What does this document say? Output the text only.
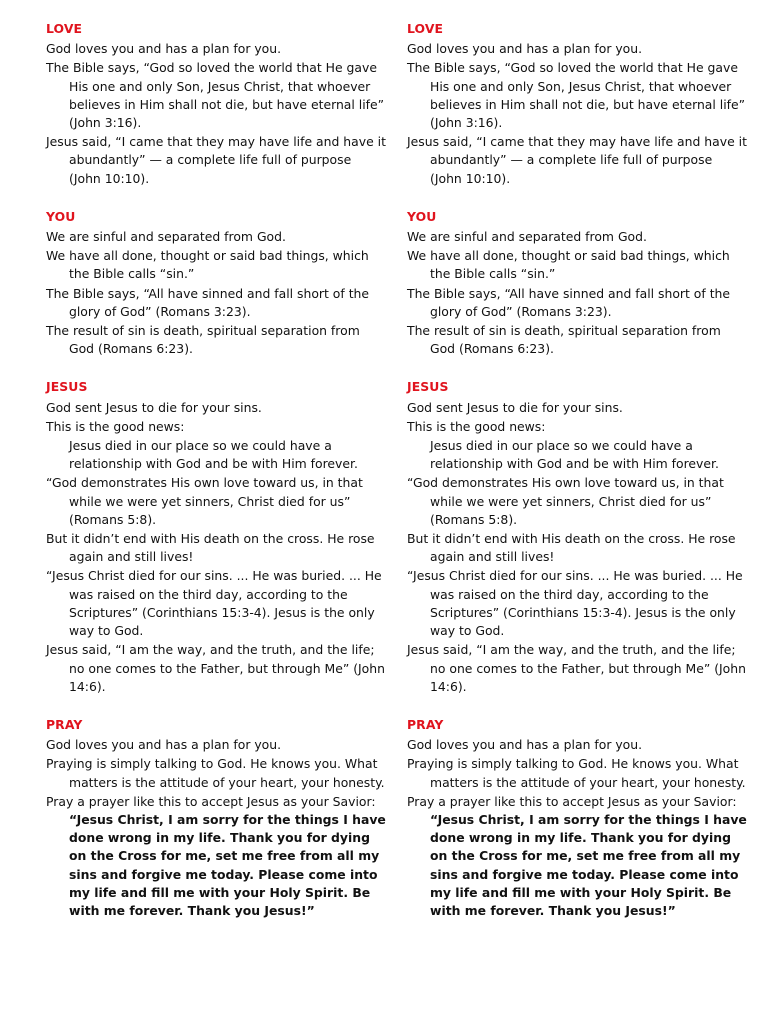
LOVE

God loves you and has a plan for you.

The Bible says, “God so loved the world that He gave His one and only Son, Jesus Christ, that whoever believes in Him shall not die, but have eternal life” (John 3:16).

Jesus said, “I came that they may have life and have it abundantly” — a complete life full of purpose (John 10:10).

YOU

We are sinful and separated from God.

We have all done, thought or said bad things, which the Bible calls “sin.”

The Bible says, “All have sinned and fall short of the glory of God” (Romans 3:23).

The result of sin is death, spiritual separation from God (Romans 6:23).

JESUS

God sent Jesus to die for your sins.

This is the good news:

Jesus died in our place so we could have a relationship with God and be with Him forever.

“God demonstrates His own love toward us, in that while we were yet sinners, Christ died for us” (Romans 5:8).

But it didn’t end with His death on the cross. He rose again and still lives!

“Jesus Christ died for our sins. ... He was buried. ... He was raised on the third day, according to the Scriptures” (Corinthians 15:3-4). Jesus is the only way to God.

Jesus said, “I am the way, and the truth, and the life; no one comes to the Father, but through Me” (John 14:6).

PRAY

God loves you and has a plan for you.

Praying is simply talking to God. He knows you. What matters is the attitude of your heart, your honesty.

Pray a prayer like this to accept Jesus as your Savior: “Jesus Christ, I am sorry for the things I have done wrong in my life. Thank you for dying on the Cross for me, set me free from all my sins and forgive me today. Please come into my life and fill me with your Holy Spirit. Be with me forever. Thank you Jesus!”

LOVE

God loves you and has a plan for you.

The Bible says, “God so loved the world that He gave His one and only Son, Jesus Christ, that whoever believes in Him shall not die, but have eternal life” (John 3:16).

Jesus said, “I came that they may have life and have it abundantly” — a complete life full of purpose (John 10:10).

YOU

We are sinful and separated from God.

We have all done, thought or said bad things, which the Bible calls “sin.”

The Bible says, “All have sinned and fall short of the glory of God” (Romans 3:23).

The result of sin is death, spiritual separation from God (Romans 6:23).

JESUS

God sent Jesus to die for your sins.

This is the good news:

Jesus died in our place so we could have a relationship with God and be with Him forever.

“God demonstrates His own love toward us, in that while we were yet sinners, Christ died for us” (Romans 5:8).

But it didn’t end with His death on the cross. He rose again and still lives!

“Jesus Christ died for our sins. ... He was buried. ... He was raised on the third day, according to the Scriptures” (Corinthians 15:3-4). Jesus is the only way to God.

Jesus said, “I am the way, and the truth, and the life; no one comes to the Father, but through Me” (John 14:6).

PRAY

God loves you and has a plan for you.

Praying is simply talking to God. He knows you. What matters is the attitude of your heart, your honesty.

Pray a prayer like this to accept Jesus as your Savior: “Jesus Christ, I am sorry for the things I have done wrong in my life. Thank you for dying on the Cross for me, set me free from all my sins and forgive me today. Please come into my life and fill me with your Holy Spirit. Be with me forever. Thank you Jesus!”
